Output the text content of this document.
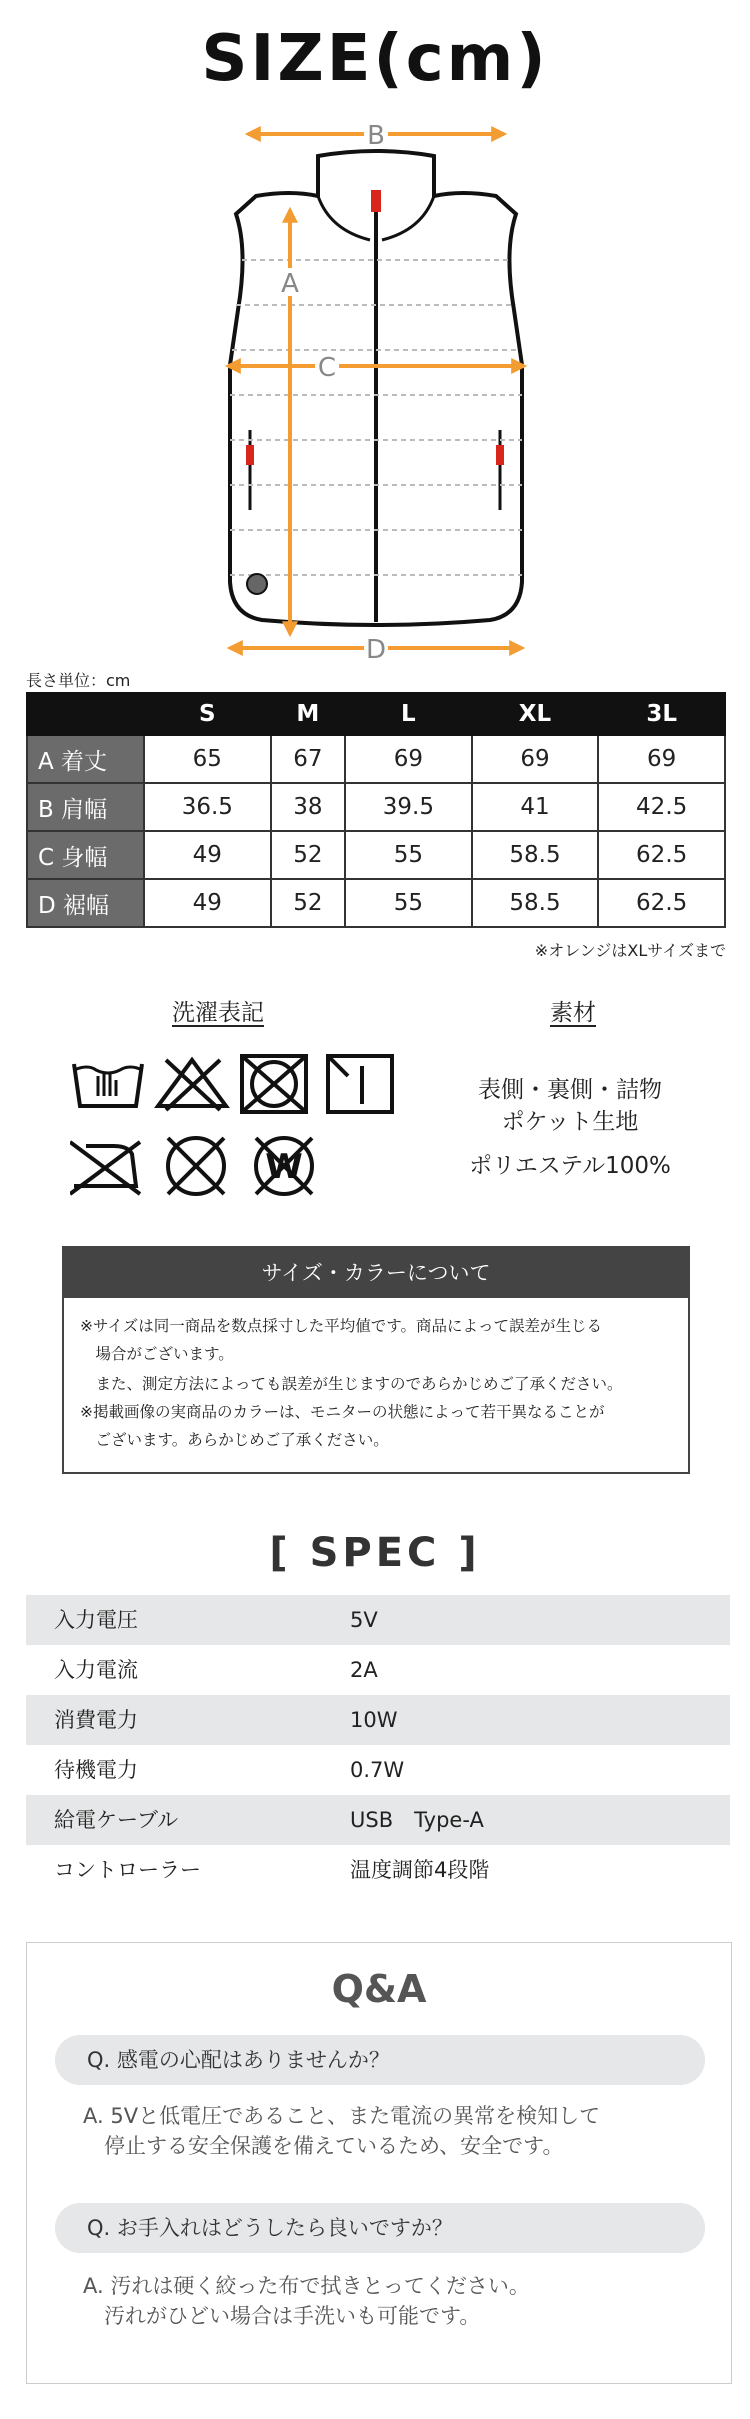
SIZE(cm)
B
A
C
D
長さ単位：cm
	S	M	L	XL	3L
A 着丈	65	67	69	69	69
B 肩幅	36.5	38	39.5	41	42.5
C 身幅	49	52	55	58.5	62.5
D 裾幅	49	52	55	58.5	62.5
※オレンジはXLサイズまで
洗濯表記	素材
W
表側・裏側・詰物
ポケット生地
ポリエステル100%
サイズ・カラーについて
※サイズは同一商品を数点採寸した平均値です。商品によって誤差が生じる
　場合がございます。
　また、測定方法によっても誤差が生じますのであらかじめご了承ください。
※掲載画像の実商品のカラーは、モニターの状態によって若干異なることが
　ございます。あらかじめご了承ください。
[ SPEC ]
入力電圧	5V
入力電流	2A
消費電力	10W
待機電力	0.7W
給電ケーブル	USB　Type-A
コントローラー	温度調節4段階
Q&A
Q. 感電の心配はありませんか？
A. 5Vと低電圧であること、また電流の異常を検知して
　停止する安全保護を備えているため、安全です。
Q. お手入れはどうしたら良いですか？
A. 汚れは硬く絞った布で拭きとってください。
　汚れがひどい場合は手洗いも可能です。
